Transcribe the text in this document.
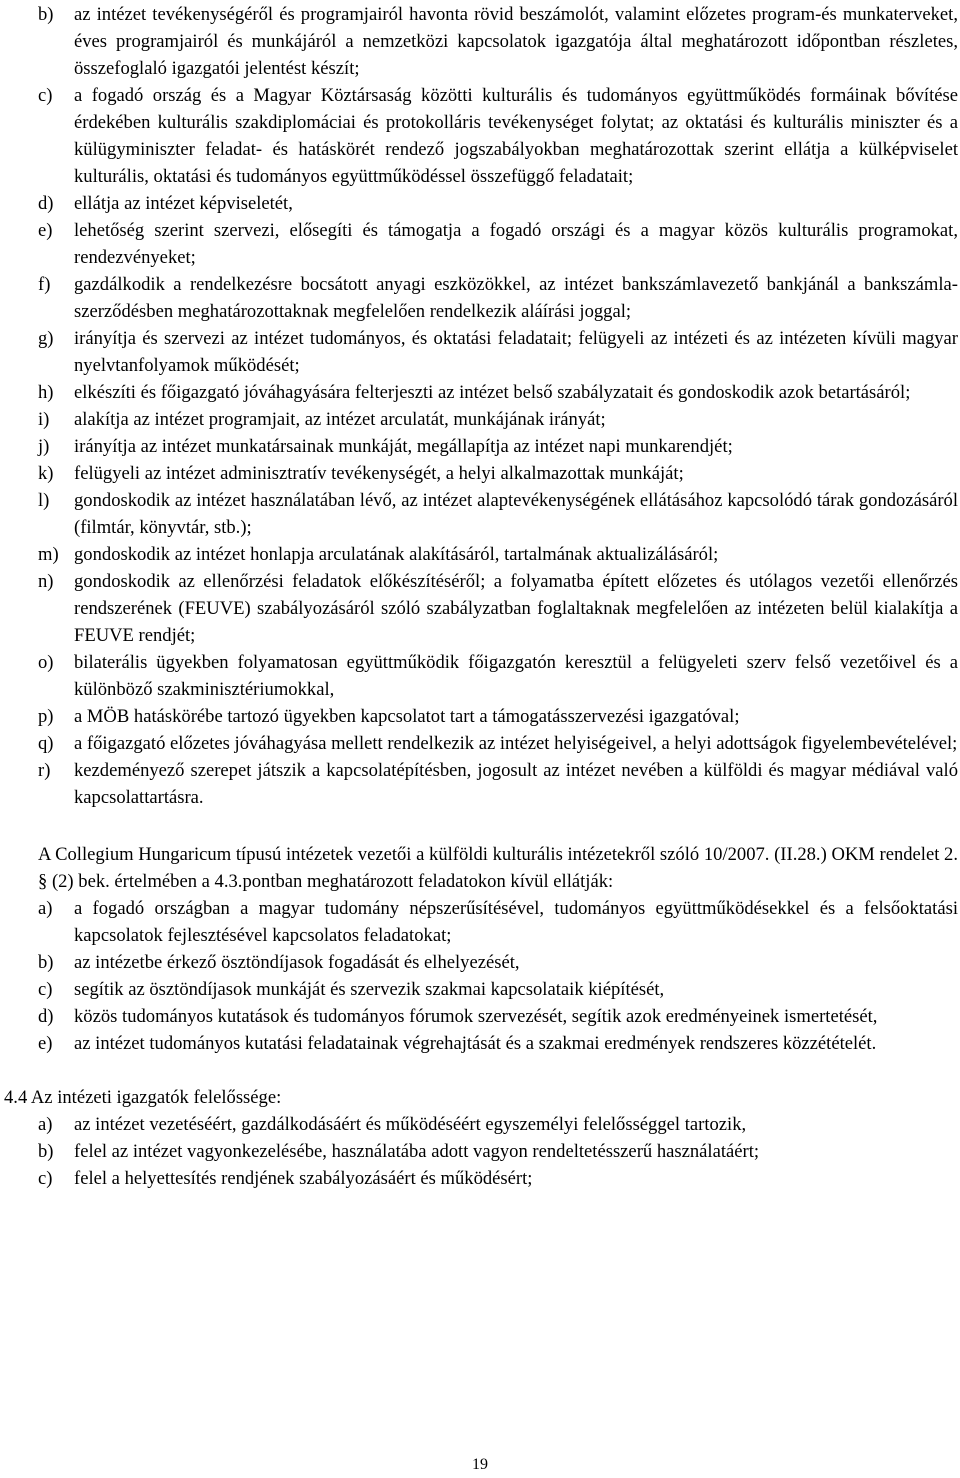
b) az intézet tevékenységéről és programjairól havonta rövid beszámolót, valamint előzetes program-és munkaterveket, éves programjairól és munkájáról a nemzetközi kapcsolatok igazgatója által meghatározott időpontban részletes, összefoglaló igazgatói jelentést készít;
c) a fogadó ország és a Magyar Köztársaság közötti kulturális és tudományos együttműködés formáinak bővítése érdekében kulturális szakdiplomáciai és protokolláris tevékenységet folytat; az oktatási és kulturális miniszter és a külügyminiszter feladat- és hatáskörét rendező jogszabályokban meghatározottak szerint ellátja a külképviselet kulturális, oktatási és tudományos együttműködéssel összefüggő feladatait;
d) ellátja az intézet képviseletét,
e) lehetőség szerint szervezi, elősegíti és támogatja a fogadó országi és a magyar közös kulturális programokat, rendezvényeket;
f) gazdálkodik a rendelkezésre bocsátott anyagi eszközökkel, az intézet bankszámlavezető bankjánál a bankszámla-szerződésben meghatározottaknak megfelelően rendelkezik aláírási joggal;
g) irányítja és szervezi az intézet tudományos, és oktatási feladatait; felügyeli az intézeti és az intézeten kívüli magyar nyelvtanfolyamok működését;
h) elkészíti és főigazgató jóváhagyására felterjeszti az intézet belső szabályzatait és gondoskodik azok betartásáról;
i) alakítja az intézet programjait, az intézet arculatát, munkájának irányát;
j) irányítja az intézet munkatársainak munkáját, megállapítja az intézet napi munkarendjét;
k) felügyeli az intézet adminisztratív tevékenységét, a helyi alkalmazottak munkáját;
l) gondoskodik az intézet használatában lévő, az intézet alaptevékenységének ellátásához kapcsolódó tárak gondozásáról (filmtár, könyvtár, stb.);
m) gondoskodik az intézet honlapja arculatának alakításáról, tartalmának aktualizálásáról;
n) gondoskodik az ellenőrzési feladatok előkészítéséről; a folyamatba épített előzetes és utólagos vezetői ellenőrzés rendszerének (FEUVE) szabályozásáról szóló szabályzatban foglaltaknak megfelelően az intézeten belül kialakítja a FEUVE rendjét;
o) bilaterális ügyekben folyamatosan együttműködik főigazgatón keresztül a felügyeleti szerv felső vezetőivel és a különböző szakminisztériumokkal,
p) a MÖB hatáskörébe tartozó ügyekben kapcsolatot tart a támogatásszervezési igazgatóval;
q) a főigazgató előzetes jóváhagyása mellett rendelkezik az intézet helyiségeivel, a helyi adottságok figyelembevételével;
r) kezdeményező szerepet játszik a kapcsolatépítésben, jogosult az intézet nevében a külföldi és magyar médiával való kapcsolattartásra.

A Collegium Hungaricum típusú intézetek vezetői a külföldi kulturális intézetekről szóló 10/2007. (II.28.) OKM rendelet 2. § (2) bek. értelmében a 4.3.pontban meghatározott feladatokon kívül ellátják:

a) a fogadó országban a magyar tudomány népszerűsítésével, tudományos együttműködésekkel és a felsőoktatási kapcsolatok fejlesztésével kapcsolatos feladatokat;
b) az intézetbe érkező ösztöndíjasok fogadását és elhelyezését,
c) segítik az ösztöndíjasok munkáját és szervezik szakmai kapcsolataik kiépítését,
d) közös tudományos kutatások és tudományos fórumok szervezését, segítik azok eredményeinek ismertetését,
e) az intézet tudományos kutatási feladatainak végrehajtását és a szakmai eredmények rendszeres közzétételét.

4.4 Az intézeti igazgatók felelőssége:

a) az intézet vezetéséért, gazdálkodásáért és működéséért egyszemélyi felelősséggel tartozik,
b) felel az intézet vagyonkezelésébe, használatába adott vagyon rendeltetésszerű használatáért;
c) felel a helyettesítés rendjének szabályozásáért és működésért;
19
